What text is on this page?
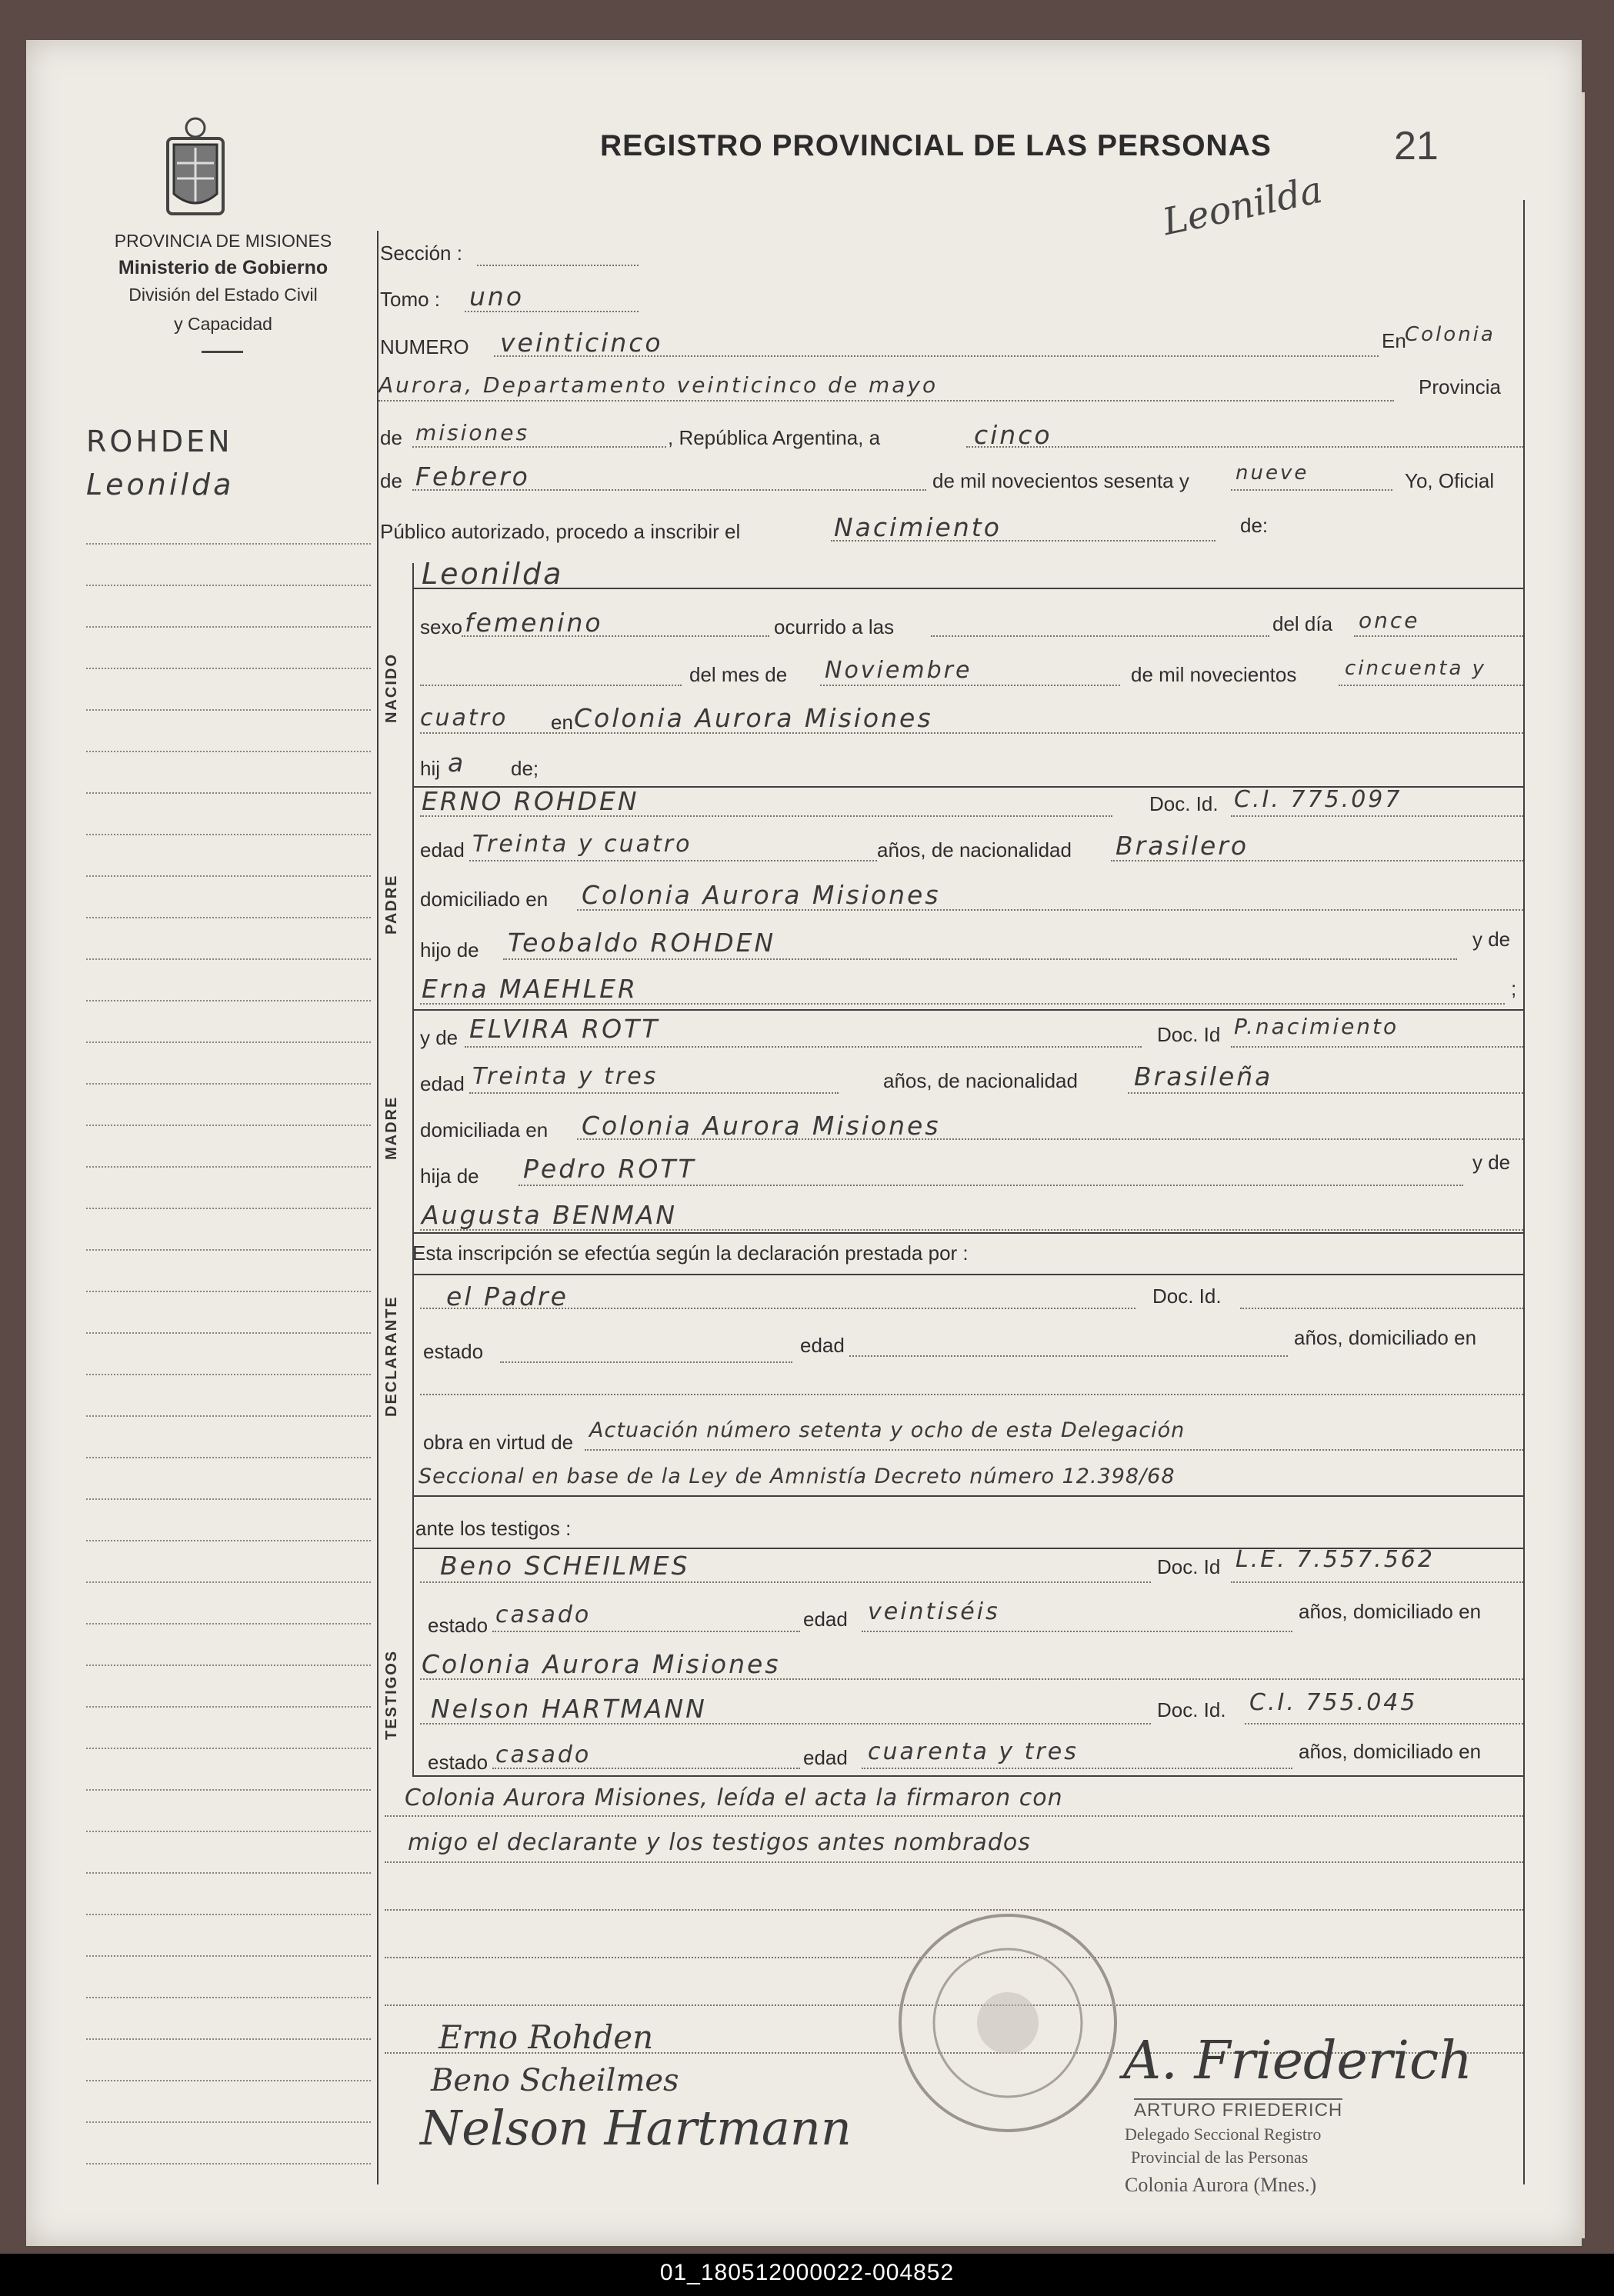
REGISTRO PROVINCIAL DE LAS PERSONAS	21
Leonilda
PROVINCIA DE MISIONES
Ministerio de Gobierno
División del Estado Civil
y Capacidad
ROHDEN
Leonilda
NACIDO
PADRE
MADRE
DECLARANTE
TESTIGOS
Sección :
Tomo : uno
NUMERO veinticinco	En
Colonia
Aurora, Departamento veinticinco de mayo	Provincia
de misiones	, República Argentina, a	cinco
de Febrero	de mil novecientos sesenta y nueve	Yo, Oficial
Público autorizado, procedo a inscribir el	Nacimiento	de:
Leonilda
sexo femenino	ocurrido a las	del día once
del mes de Noviembre	de mil novecientos cincuenta y
cuatro en Colonia Aurora Misiones
hij a de;
ERNO ROHDEN	Doc. Id. C.I. 775.097
edad Treinta y cuatro	años, de nacionalidad Brasilero
domiciliado en Colonia Aurora Misiones
hijo de Teobaldo ROHDEN	y de
Erna MAEHLER	;
y de ELVIRA ROTT	Doc. Id P.nacimiento
edad Treinta y tres	años, de nacionalidad Brasileña
domiciliada en Colonia Aurora Misiones
hija de Pedro ROTT	y de
Augusta BENMAN
Esta inscripción se efectúa según la declaración prestada por :
el Padre	Doc. Id.
estado	edad	años, domiciliado en
obra en virtud de Actuación número setenta y ocho de esta Delegación
Seccional en base de la Ley de Amnistía Decreto número 12.398/68
ante los testigos :
Beno SCHEILMES	Doc. Id L.E. 7.557.562
estado casado	edad veintiséis	años, domiciliado en
Colonia Aurora Misiones
Nelson HARTMANN	Doc. Id. C.I. 755.045
estado casado	edad cuarenta y tres	años, domiciliado en
Colonia Aurora Misiones, leída el acta la firmaron con
migo el declarante y los testigos antes nombrados
Erno Rohden
Beno Scheilmes
Nelson Hartmann
A. Friederich
ARTURO FRIEDERICH
Delegado Seccional Registro
Provincial de las Personas
Colonia Aurora (Mnes.)
01_180512000022-004852
